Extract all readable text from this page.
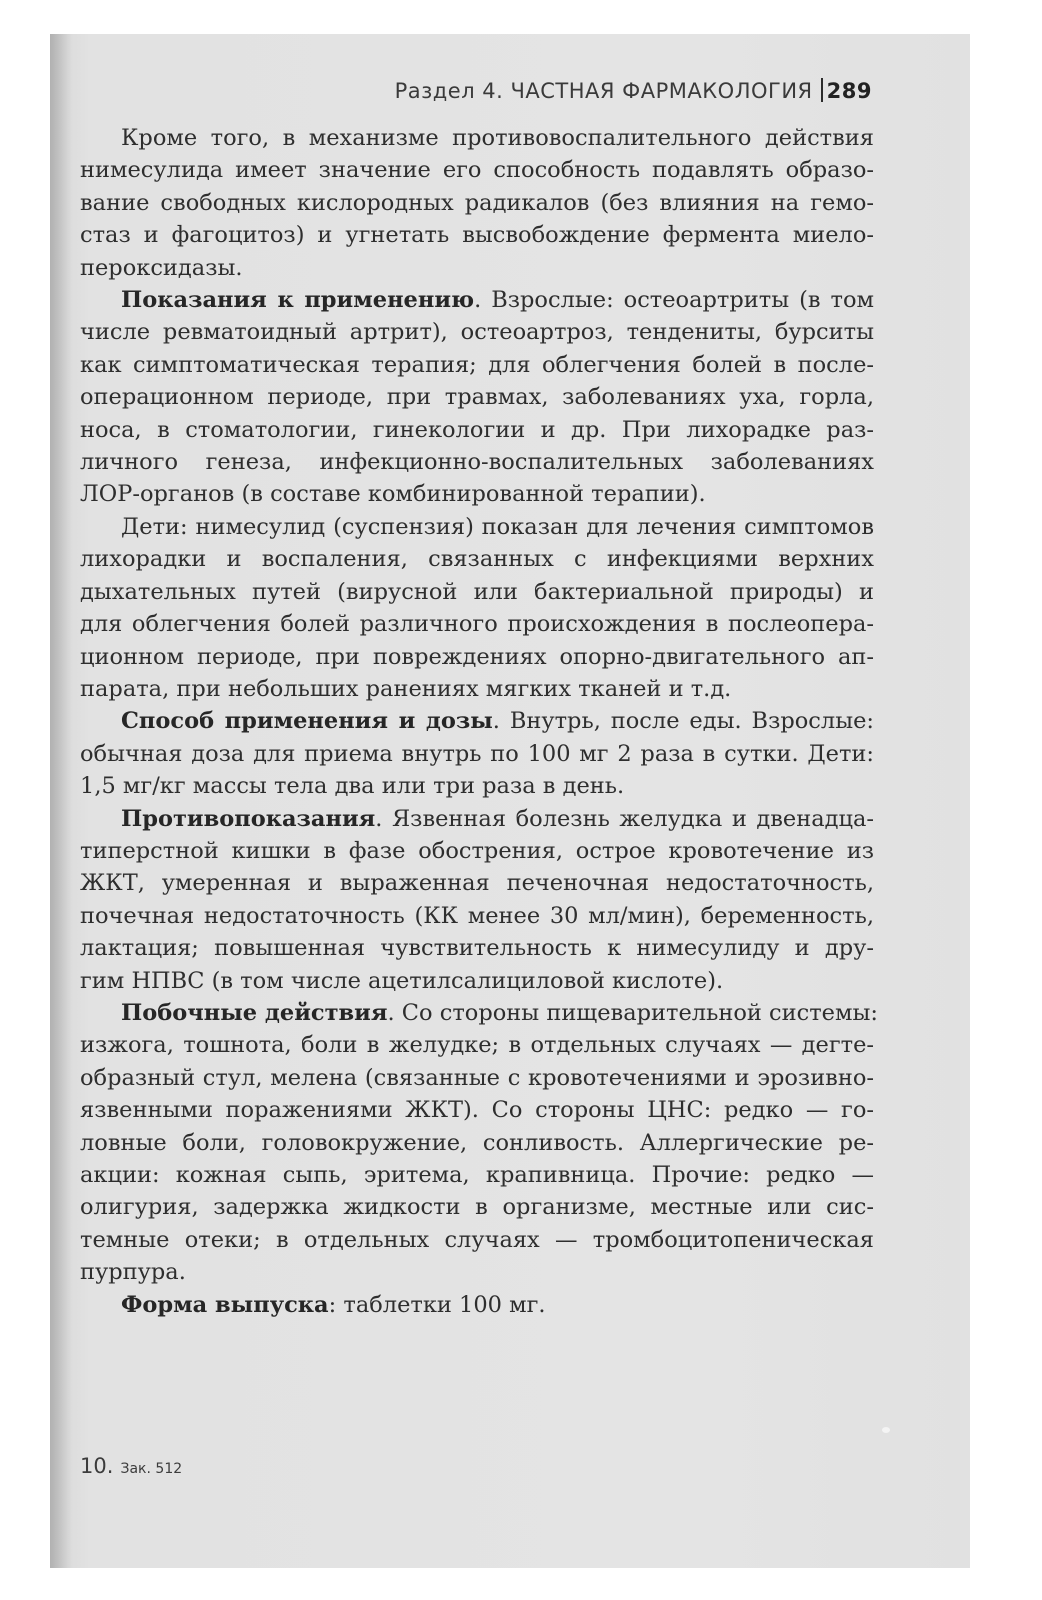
Раздел 4. ЧАСТНАЯ ФАРМАКОЛОГИЯ 289
Кроме того, в механизме противовоспалительного действия
нимесулида имеет значение его способность подавлять образо-
вание свободных кислородных радикалов (без влияния на гемо-
стаз и фагоцитоз) и угнетать высвобождение фермента миело-
пероксидазы.
Показания к применению. Взрослые: остеоартриты (в том
числе ревматоидный артрит), остеоартроз, тендениты, бурситы
как симптоматическая терапия; для облегчения болей в после-
операционном периоде, при травмах, заболеваниях уха, горла,
носа, в стоматологии, гинекологии и др. При лихорадке раз-
личного генеза, инфекционно-воспалительных заболеваниях
ЛОР-органов (в составе комбинированной терапии).
Дети: нимесулид (суспензия) показан для лечения симптомов
лихорадки и воспаления, связанных с инфекциями верхних
дыхательных путей (вирусной или бактериальной природы) и
для облегчения болей различного происхождения в послеопера-
ционном периоде, при повреждениях опорно-двигательного ап-
парата, при небольших ранениях мягких тканей и т.д.
Способ применения и дозы. Внутрь, после еды. Взрослые:
обычная доза для приема внутрь по 100 мг 2 раза в сутки. Дети:
1,5 мг/кг массы тела два или три раза в день.
Противопоказания. Язвенная болезнь желудка и двенадца-
типерстной кишки в фазе обострения, острое кровотечение из
ЖКТ, умеренная и выраженная печеночная недостаточность,
почечная недостаточность (КК менее 30 мл/мин), беременность,
лактация; повышенная чувствительность к нимесулиду и дру-
гим НПВС (в том числе ацетилсалициловой кислоте).
Побочные действия. Со стороны пищеварительной системы:
изжога, тошнота, боли в желудке; в отдельных случаях — дегте-
образный стул, мелена (связанные с кровотечениями и эрозивно-
язвенными поражениями ЖКТ). Со стороны ЦНС: редко — го-
ловные боли, головокружение, сонливость. Аллергические ре-
акции: кожная сыпь, эритема, крапивница. Прочие: редко —
олигурия, задержка жидкости в организме, местные или сис-
темные отеки; в отдельных случаях — тромбоцитопеническая
пурпура.
Форма выпуска: таблетки 100 мг.
10. Зак. 512
